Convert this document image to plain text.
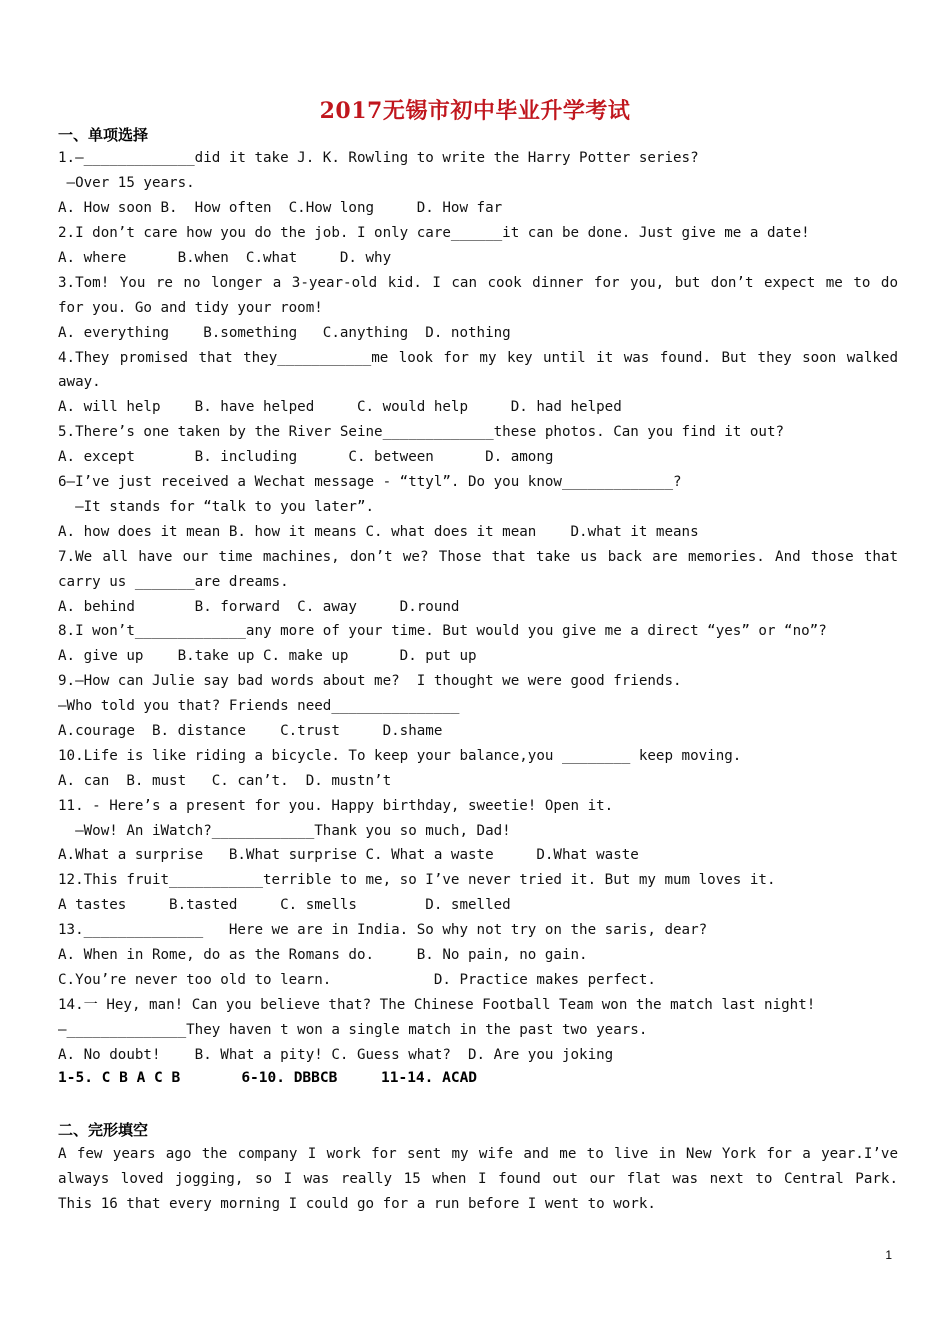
2017无锡市初中毕业升学考试
一、单项选择
1.—_____________did it take J. K. Rowling to write the Harry Potter series?
—Over 15 years.
A. How soon B.  How often  C.How long     D. How far
2.I don’t care how you do the job. I only care______it can be done. Just give me a date!
A. where      B.when  C.what     D. why
3.Tom! You re no longer a 3-year-old kid. I can cook dinner for you, but don’t expect me to do
for you. Go and tidy your room!
A. everything    B.something   C.anything  D. nothing
4.They promised that they___________me look for my key until it was found. But they soon walked
away.
A. will help    B. have helped     C. would help     D. had helped
5.There’s one taken by the River Seine_____________these photos. Can you find it out?
A. except       B. including      C. between      D. among
6—I’ve just received a Wechat message - “ttyl”. Do you know_____________?
—It stands for “talk to you later”.
A. how does it mean B. how it means C. what does it mean    D.what it means
7.We all have our time machines, don’t we? Those that take us back are memories. And those that
carry us _______are dreams.
A. behind       B. forward  C. away     D.round
8.I won’t_____________any more of your time. But would you give me a direct “yes” or “no”?
A. give up    B.take up C. make up      D. put up
9.—How can Julie say bad words about me?  I thought we were good friends.
—Who told you that? Friends need_______________
A.courage  B. distance    C.trust     D.shame
10.Life is like riding a bicycle. To keep your balance,you ________ keep moving.
A. can  B. must   C. can’t.  D. mustn’t
11. - Here’s a present for you. Happy birthday, sweetie! Open it.
—Wow! An iWatch?____________Thank you so much, Dad!
A.What a surprise   B.What surprise C. What a waste     D.What waste
12.This fruit___________terrible to me, so I’ve never tried it. But my mum loves it.
A tastes     B.tasted     C. smells        D. smelled
13.______________   Here we are in India. So why not try on the saris, dear?
A. When in Rome, do as the Romans do.     B. No pain, no gain.
C.You’re never too old to learn.            D. Practice makes perfect.
14.一 Hey, man! Can you believe that? The Chinese Football Team won the match last night!
—______________They haven t won a single match in the past two years.
A. No doubt!    B. What a pity! C. Guess what?  D. Are you joking
1-5. C B A C B       6-10. DBBCB     11-14. ACAD
二、完形填空
A few years ago the company I work for sent my wife and me to live in New York for a year.I’ve
always loved jogging, so I was really 15 when I found out our flat was next to Central Park.
This 16 that every morning I could go for a run before I went to work.
1
